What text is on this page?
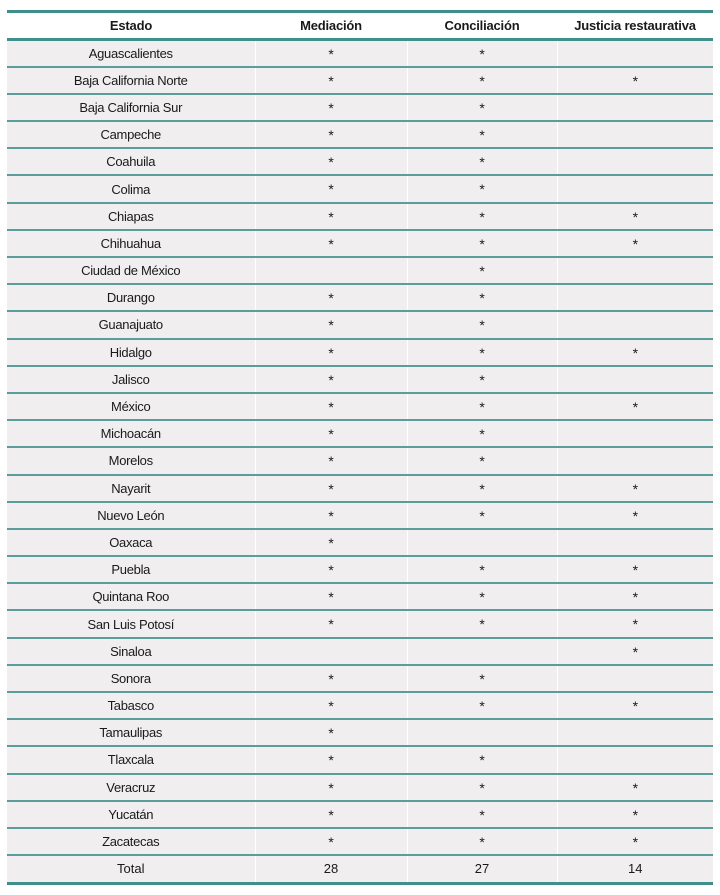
Estado	Mediación	Conciliación	Justicia restaurativa
Aguascalientes	*	*	
Baja California Norte	*	*	*
Baja California Sur	*	*	
Campeche	*	*	
Coahuila	*	*	
Colima	*	*	
Chiapas	*	*	*
Chihuahua	*	*	*
Ciudad de México		*	
Durango	*	*	
Guanajuato	*	*	
Hidalgo	*	*	*
Jalisco	*	*	
México	*	*	*
Michoacán	*	*	
Morelos	*	*	
Nayarit	*	*	*
Nuevo León	*	*	*
Oaxaca	*		
Puebla	*	*	*
Quintana Roo	*	*	*
San Luis Potosí	*	*	*
Sinaloa			*
Sonora	*	*	
Tabasco	*	*	*
Tamaulipas	*		
Tlaxcala	*	*	
Veracruz	*	*	*
Yucatán	*	*	*
Zacatecas	*	*	*
Total	28	27	14
